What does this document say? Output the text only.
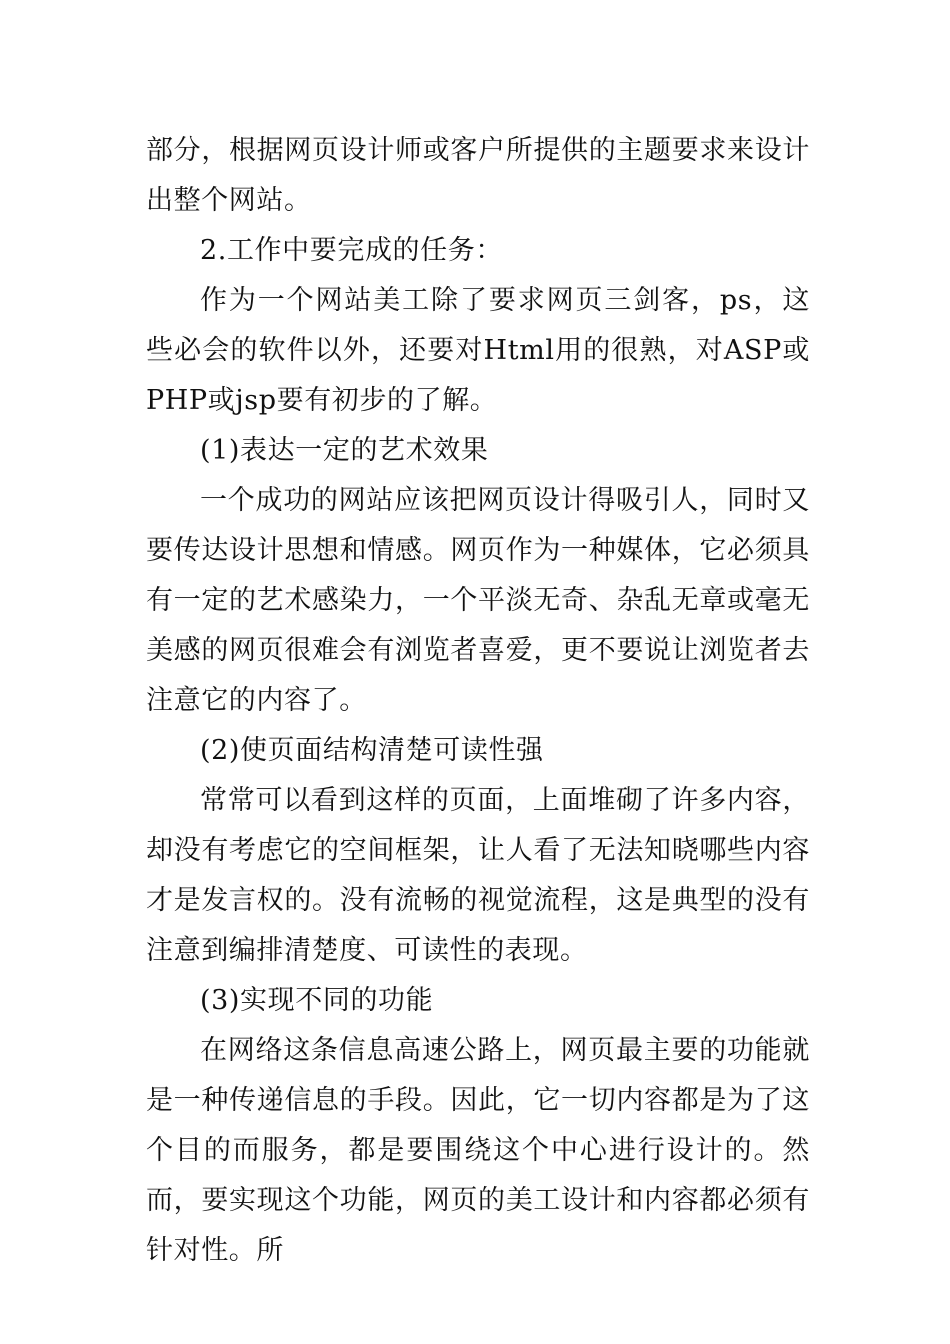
部分，根据网页设计师或客户所提供的主题要求来设计出整个网站。

2.工作中要完成的任务：

作为一个网站美工除了要求网页三剑客，ps，这些必会的软件以外，还要对Html用的很熟，对ASP或PHP或jsp要有初步的了解。

(1)表达一定的艺术效果

一个成功的网站应该把网页设计得吸引人，同时又要传达设计思想和情感。网页作为一种媒体，它必须具有一定的艺术感染力，一个平淡无奇、杂乱无章或毫无美感的网页很难会有浏览者喜爱，更不要说让浏览者去注意它的内容了。

(2)使页面结构清楚可读性强

常常可以看到这样的页面，上面堆砌了许多内容，却没有考虑它的空间框架，让人看了无法知晓哪些内容才是发言权的。没有流畅的视觉流程，这是典型的没有注意到编排清楚度、可读性的表现。

(3)实现不同的功能

在网络这条信息高速公路上，网页最主要的功能就是一种传递信息的手段。因此，它一切内容都是为了这个目的而服务，都是要围绕这个中心进行设计的。然而，要实现这个功能，网页的美工设计和内容都必须有针对性。所
